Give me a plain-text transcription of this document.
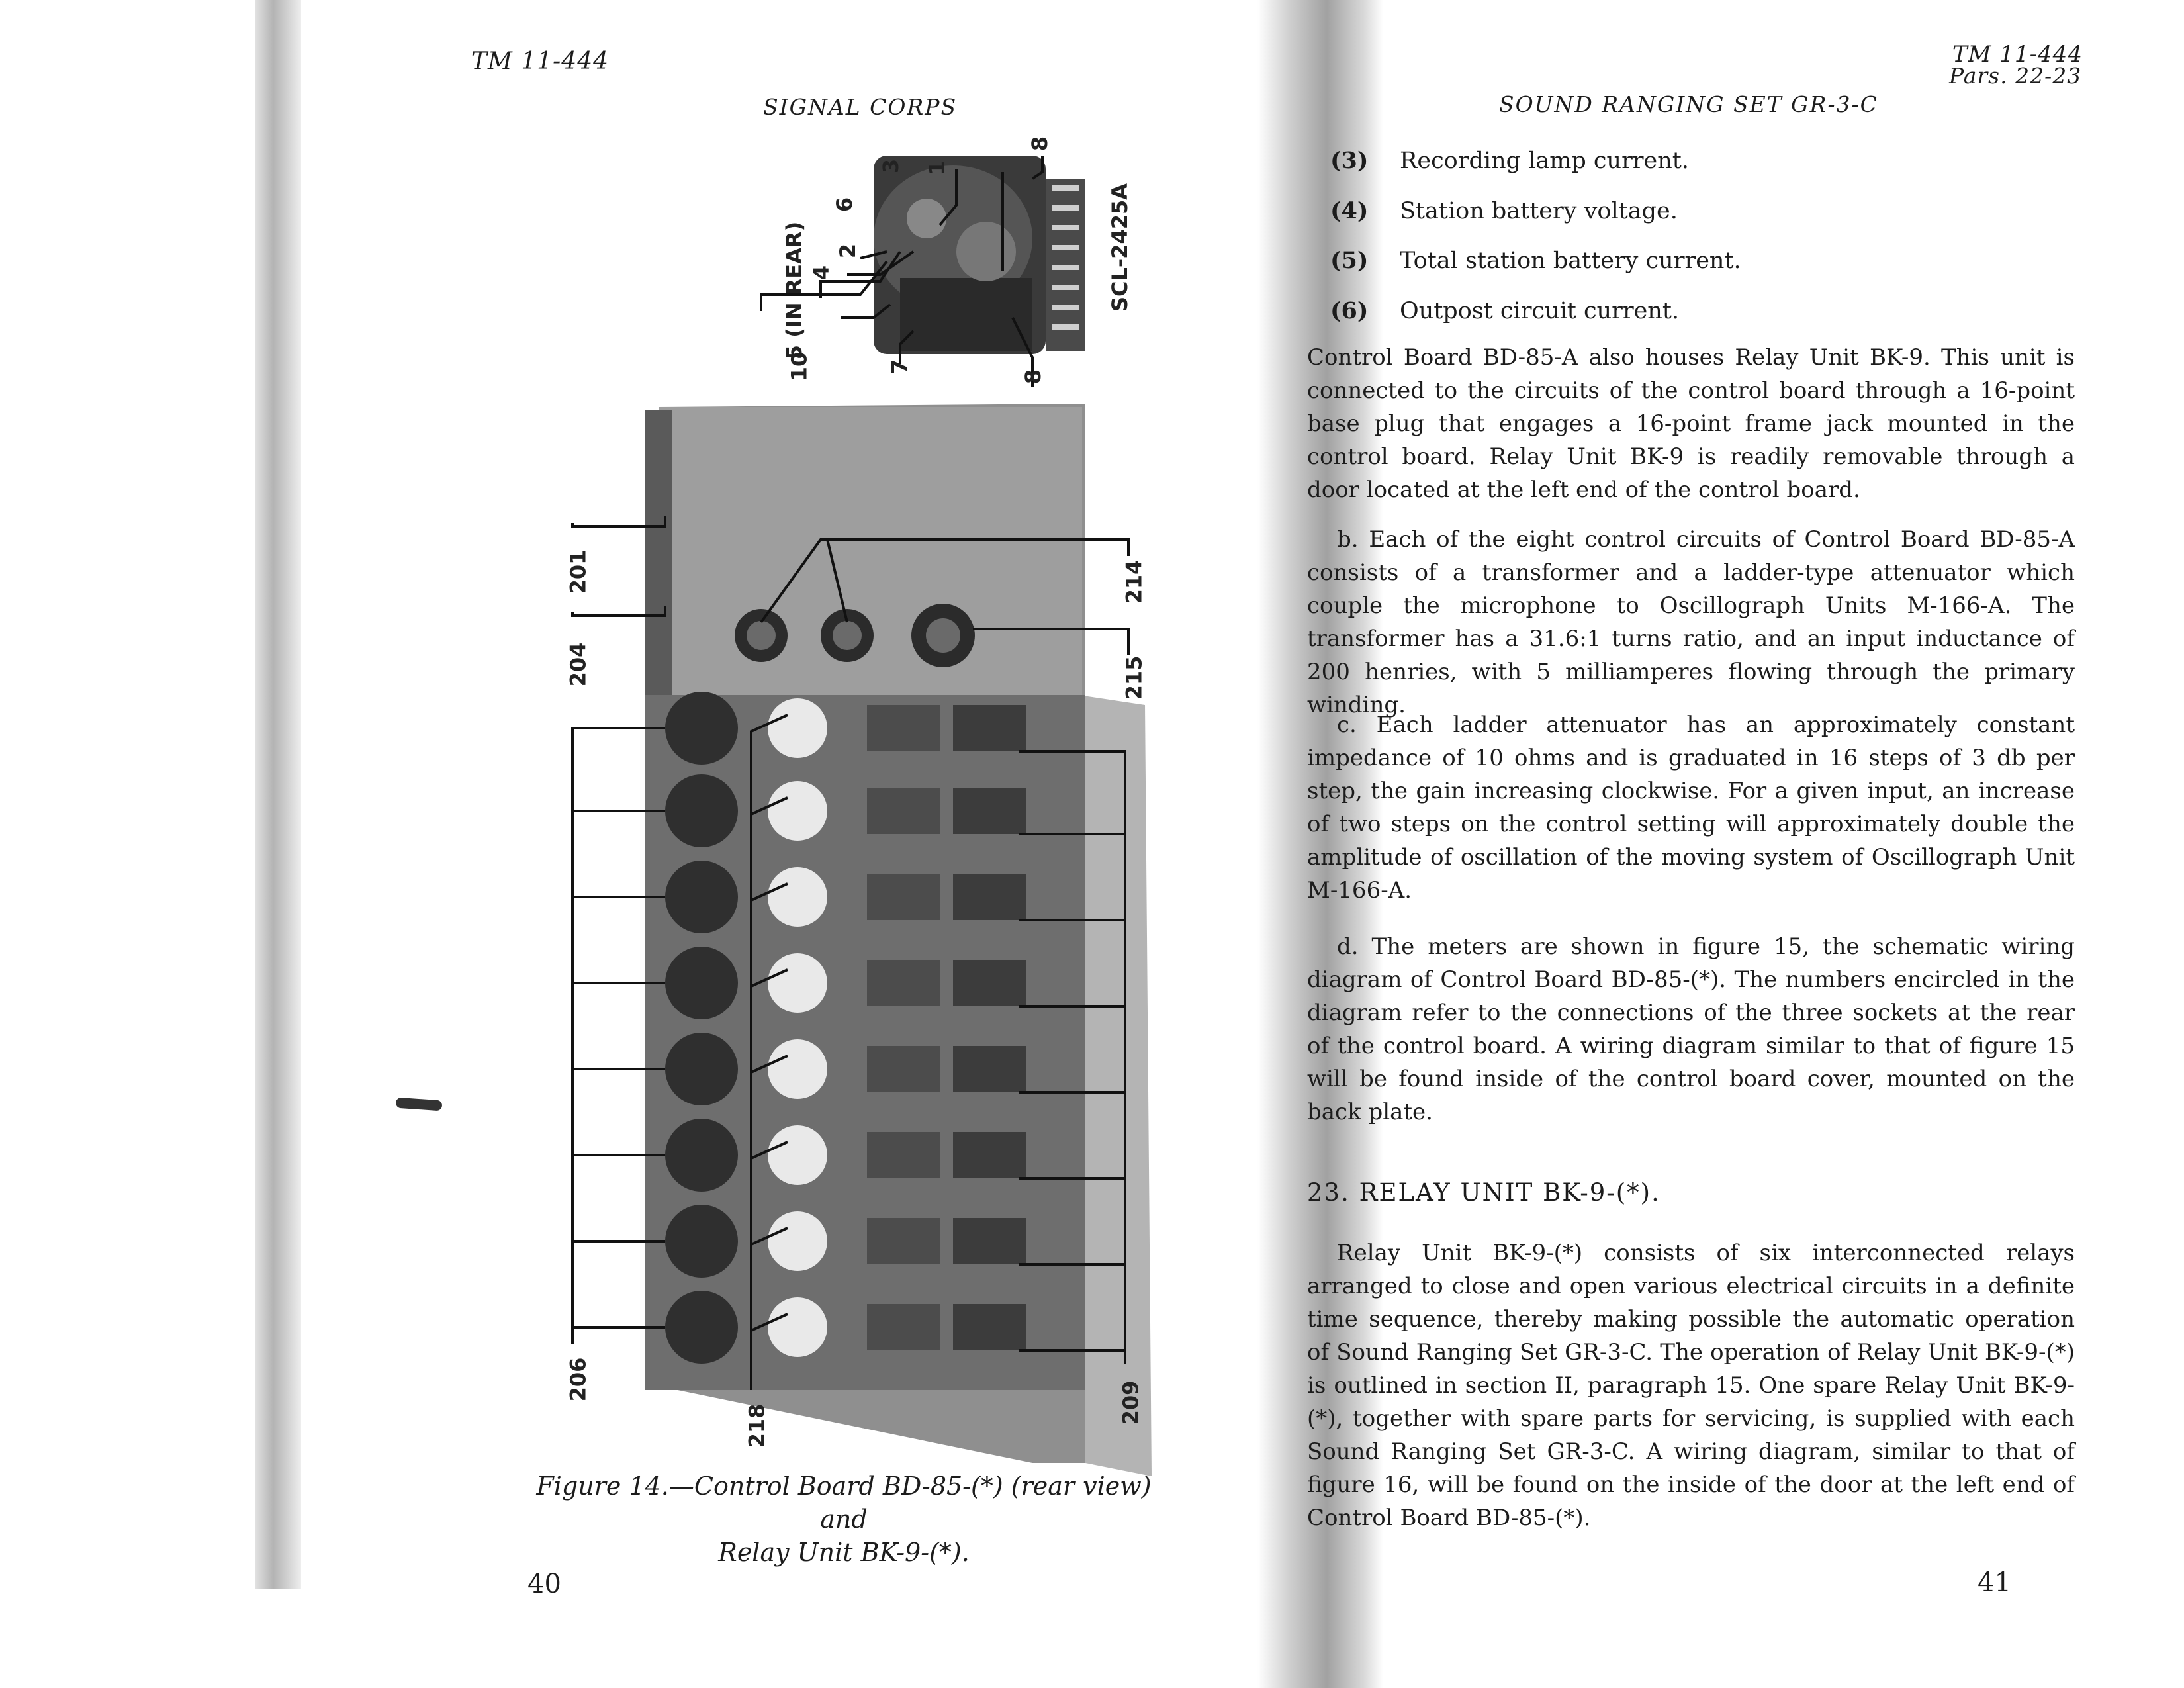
TM 11-444
SIGNAL CORPS
5 (IN REAR) 4
2
6
3 1
8
10	7
8
SCL-2425A
201
204
206
209
214
215
218
Figure 14.—Control Board BD-85-(*) (rear view) and
Relay Unit BK-9-(*).
40
TM 11-444
Pars. 22-23
SOUND RANGING SET GR-3-C
(3) Recording lamp current.
(4) Station battery voltage.
(5) Total station battery current.
(6) Outpost circuit current.
Control Board BD-85-A also houses Relay Unit BK-9. This unit is connected to the circuits of the control board through a 16-point base plug that engages a 16-point frame jack mounted in the control board. Relay Unit BK-9 is readily removable through a door located at the left end of the control board.
b. Each of the eight control circuits of Control Board BD-85-A consists of a transformer and a ladder-type attenuator which couple the microphone to Oscillograph Units M-166-A. The transformer has a 31.6:1 turns ratio, and an input inductance of 200 henries, with 5 milliamperes flowing through the primary winding.
c. Each ladder attenuator has an approximately constant impedance of 10 ohms and is graduated in 16 steps of 3 db per step, the gain increasing clockwise. For a given input, an increase of two steps on the control setting will approximately double the amplitude of oscillation of the moving system of Oscillograph Unit M-166-A.
d. The meters are shown in figure 15, the schematic wiring diagram of Control Board BD-85-(*). The numbers encircled in the diagram refer to the connections of the three sockets at the rear of the control board. A wiring diagram similar to that of figure 15 will be found inside of the control board cover, mounted on the back plate.
23. RELAY UNIT BK-9-(*).
Relay Unit BK-9-(*) consists of six interconnected relays arranged to close and open various electrical circuits in a definite time sequence, thereby making possible the automatic operation of Sound Ranging Set GR-3-C. The operation of Relay Unit BK-9-(*) is outlined in section II, paragraph 15. One spare Relay Unit BK-9-(*), together with spare parts for servicing, is supplied with each Sound Ranging Set GR-3-C. A wiring diagram, similar to that of figure 16, will be found on the inside of the door at the left end of Control Board BD-85-(*).
41
